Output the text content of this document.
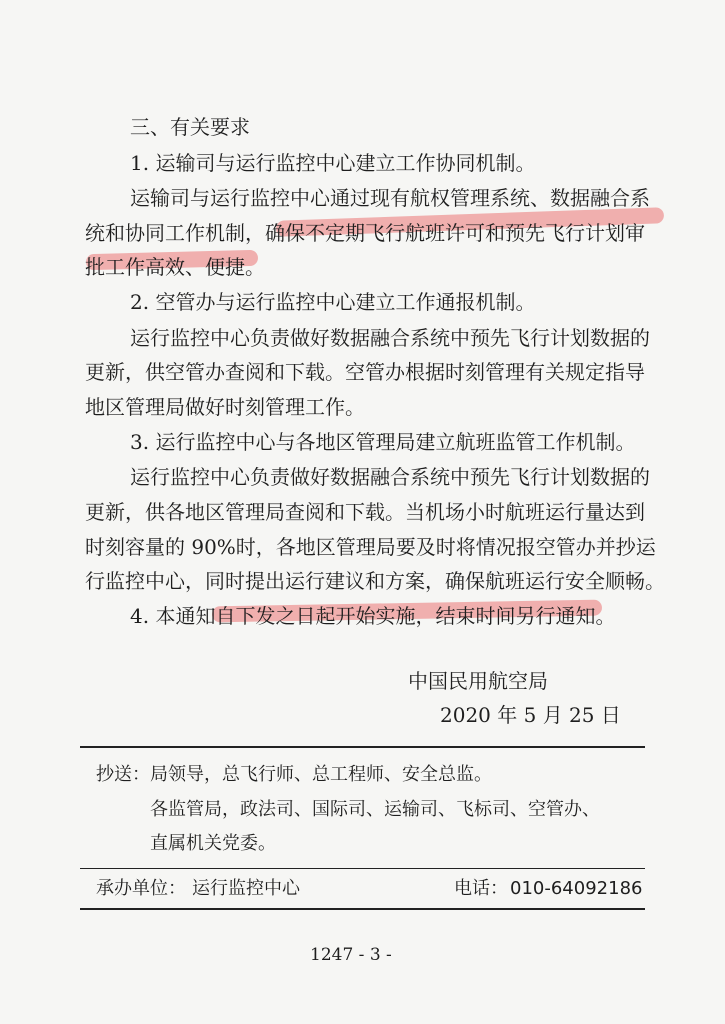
三、有关要求
1. 运输司与运行监控中心建立工作协同机制。
运输司与运行监控中心通过现有航权管理系统、数据融合系
统和协同工作机制，确保不定期飞行航班许可和预先飞行计划审
批工作高效、便捷。
2. 空管办与运行监控中心建立工作通报机制。
运行监控中心负责做好数据融合系统中预先飞行计划数据的
更新，供空管办查阅和下载。空管办根据时刻管理有关规定指导
地区管理局做好时刻管理工作。
3. 运行监控中心与各地区管理局建立航班监管工作机制。
运行监控中心负责做好数据融合系统中预先飞行计划数据的
更新，供各地区管理局查阅和下载。当机场小时航班运行量达到
时刻容量的 90%时，各地区管理局要及时将情况报空管办并抄运
行监控中心，同时提出运行建议和方案，确保航班运行安全顺畅。
4. 本通知自下发之日起开始实施，结束时间另行通知。
中国民用航空局
2020 年 5 月 25 日
抄送： 局领导，总飞行师、总工程师、安全总监。
各监管局，政法司、国际司、运输司、飞标司、空管办、
直属机关党委。
承办单位： 运行监控中心	电话： 010-64092186
1247 - 3 -
